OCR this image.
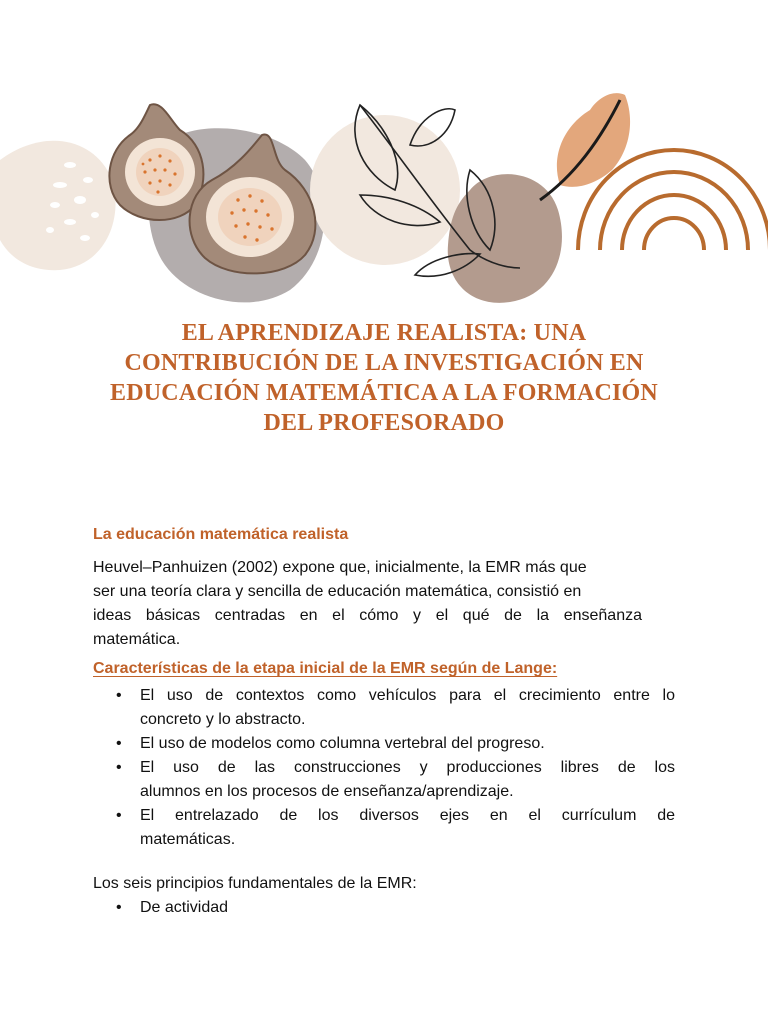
EL APRENDIZAJE REALISTA: UNA
CONTRIBUCIÓN DE LA INVESTIGACIÓN EN
EDUCACIÓN MATEMÁTICA A LA FORMACIÓN
DEL PROFESORADO
La educación matemática realista
Heuvel–Panhuizen (2002) expone que, inicialmente, la EMR más que
ser una teoría clara y sencilla de educación matemática, consistió en
ideas básicas centradas en el cómo y el qué de la enseñanza
matemática.
Características de la etapa inicial de la EMR según de Lange:
• El uso de contextos como vehículos para el crecimiento entre lo
concreto y lo abstracto.
• El uso de modelos como columna vertebral del progreso.
• El uso de las construcciones y producciones libres de los
alumnos en los procesos de enseñanza/aprendizaje.
• El entrelazado de los diversos ejes en el currículum de
matemáticas.
Los seis principios fundamentales de la EMR:
• De actividad
